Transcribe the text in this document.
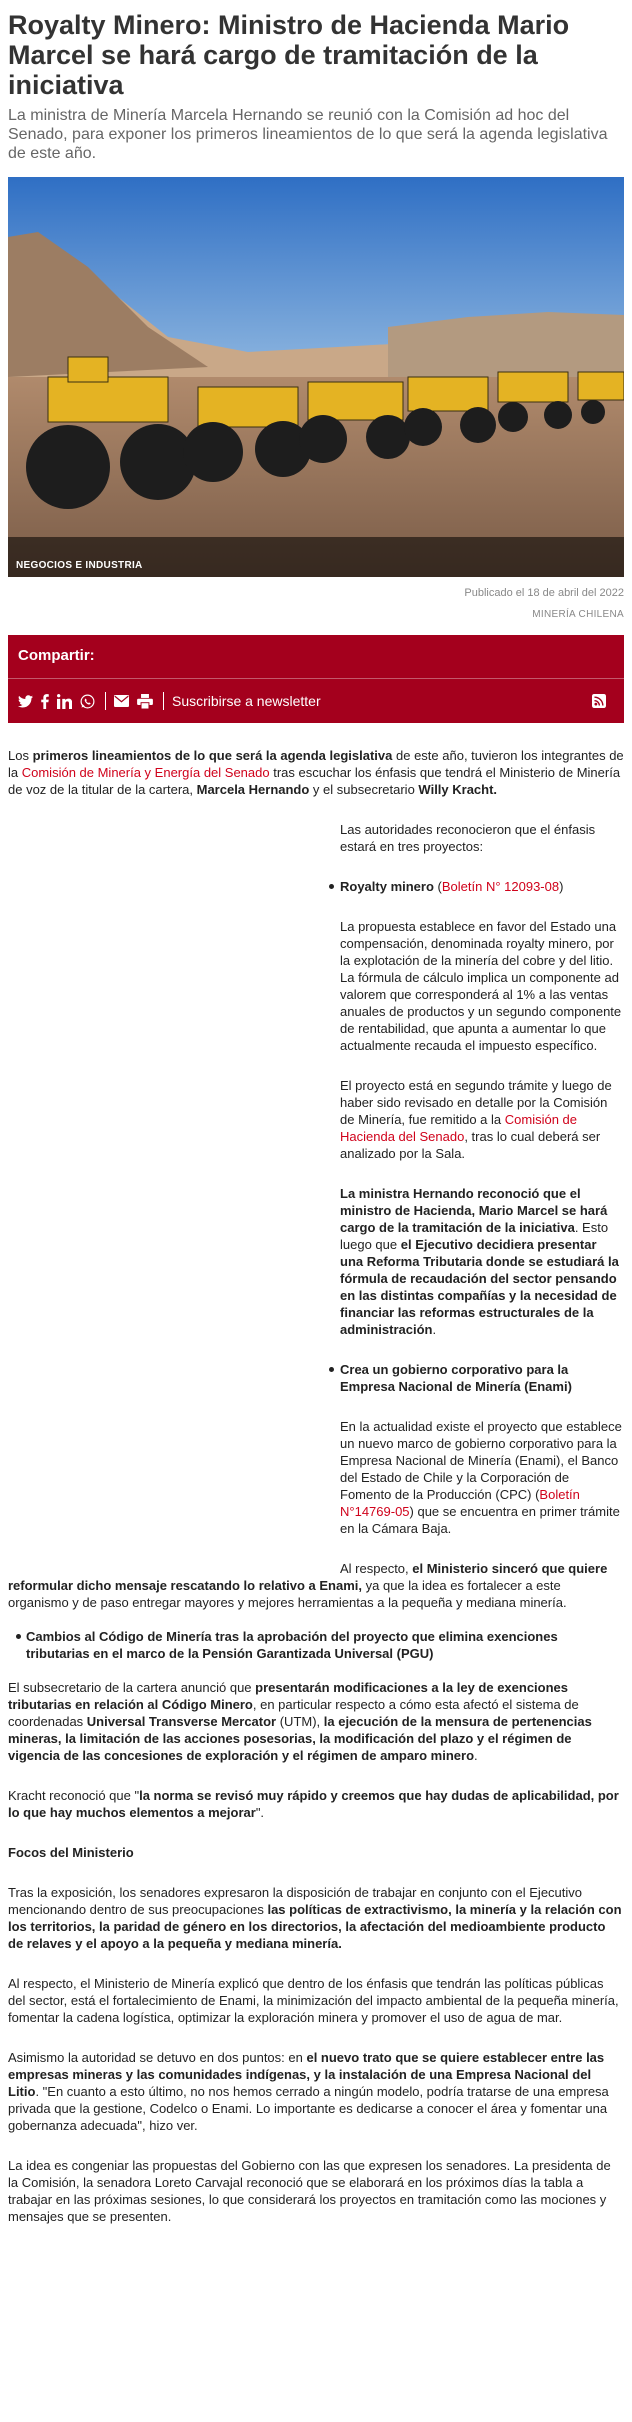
Royalty Minero: Ministro de Hacienda Mario Marcel se hará cargo de tramitación de la iniciativa

La ministra de Minería Marcela Hernando se reunió con la Comisión ad hoc del Senado, para exponer los primeros lineamientos de lo que será la agenda legislativa de este año.

NEGOCIOS E INDUSTRIA

Publicado el 18 de abril del 2022

MINERÍA CHILENA

Compartir:
Suscribirse a newsletter

Los primeros lineamientos de lo que será la agenda legislativa de este año, tuvieron los integrantes de la Comisión de Minería y Energía del Senado tras escuchar los énfasis que tendrá el Ministerio de Minería de voz de la titular de la cartera, Marcela Hernando y el subsecretario Willy Kracht.

Las autoridades reconocieron que el énfasis estará en tres proyectos:

Royalty minero (Boletín N° 12093-08)

La propuesta establece en favor del Estado una compensación, denominada royalty minero, por la explotación de la minería del cobre y del litio. La fórmula de cálculo implica un componente ad valorem que corresponderá al 1% a las ventas anuales de productos y un segundo componente de rentabilidad, que apunta a aumentar lo que actualmente recauda el impuesto específico.

El proyecto está en segundo trámite y luego de haber sido revisado en detalle por la Comisión de Minería, fue remitido a la Comisión de Hacienda del Senado, tras lo cual deberá ser analizado por la Sala.

La ministra Hernando reconoció que el ministro de Hacienda, Mario Marcel se hará cargo de la tramitación de la iniciativa. Esto luego que el Ejecutivo decidiera presentar una Reforma Tributaria donde se estudiará la fórmula de recaudación del sector pensando en las distintas compañías y la necesidad de financiar las reformas estructurales de la administración.

Crea un gobierno corporativo para la Empresa Nacional de Minería (Enami)

En la actualidad existe el proyecto que establece un nuevo marco de gobierno corporativo para la Empresa Nacional de Minería (Enami), el Banco del Estado de Chile y la Corporación de Fomento de la Producción (CPC) (Boletín N°14769-05) que se encuentra en primer trámite en la Cámara Baja.

Al respecto, el Ministerio sinceró que quiere reformular dicho mensaje rescatando lo relativo a Enami, ya que la idea es fortalecer a este organismo y de paso entregar mayores y mejores herramientas a la pequeña y mediana minería.

Cambios al Código de Minería tras la aprobación del proyecto que elimina exenciones tributarias en el marco de la Pensión Garantizada Universal (PGU)

El subsecretario de la cartera anunció que presentarán modificaciones a la ley de exenciones tributarias en relación al Código Minero, en particular respecto a cómo esta afectó el sistema de coordenadas Universal Transverse Mercator (UTM), la ejecución de la mensura de pertenencias mineras, la limitación de las acciones posesorias, la modificación del plazo y el régimen de vigencia de las concesiones de exploración y el régimen de amparo minero.

Kracht reconoció que "la norma se revisó muy rápido y creemos que hay dudas de aplicabilidad, por lo que hay muchos elementos a mejorar".

Focos del Ministerio

Tras la exposición, los senadores expresaron la disposición de trabajar en conjunto con el Ejecutivo mencionando dentro de sus preocupaciones las políticas de extractivismo, la minería y la relación con los territorios, la paridad de género en los directorios, la afectación del medioambiente producto de relaves y el apoyo a la pequeña y mediana minería.

Al respecto, el Ministerio de Minería explicó que dentro de los énfasis que tendrán las políticas públicas del sector, está el fortalecimiento de Enami, la minimización del impacto ambiental de la pequeña minería, fomentar la cadena logística, optimizar la exploración minera y promover el uso de agua de mar.

Asimismo la autoridad se detuvo en dos puntos: en el nuevo trato que se quiere establecer entre las empresas mineras y las comunidades indígenas, y la instalación de una Empresa Nacional del Litio. "En cuanto a esto último, no nos hemos cerrado a ningún modelo, podría tratarse de una empresa privada que la gestione, Codelco o Enami. Lo importante es dedicarse a conocer el área y fomentar una gobernanza adecuada", hizo ver.

La idea es congeniar las propuestas del Gobierno con las que expresen los senadores. La presidenta de la Comisión, la senadora Loreto Carvajal reconoció que se elaborará en los próximos días la tabla a trabajar en las próximas sesiones, lo que considerará los proyectos en tramitación como las mociones y mensajes que se presenten.
